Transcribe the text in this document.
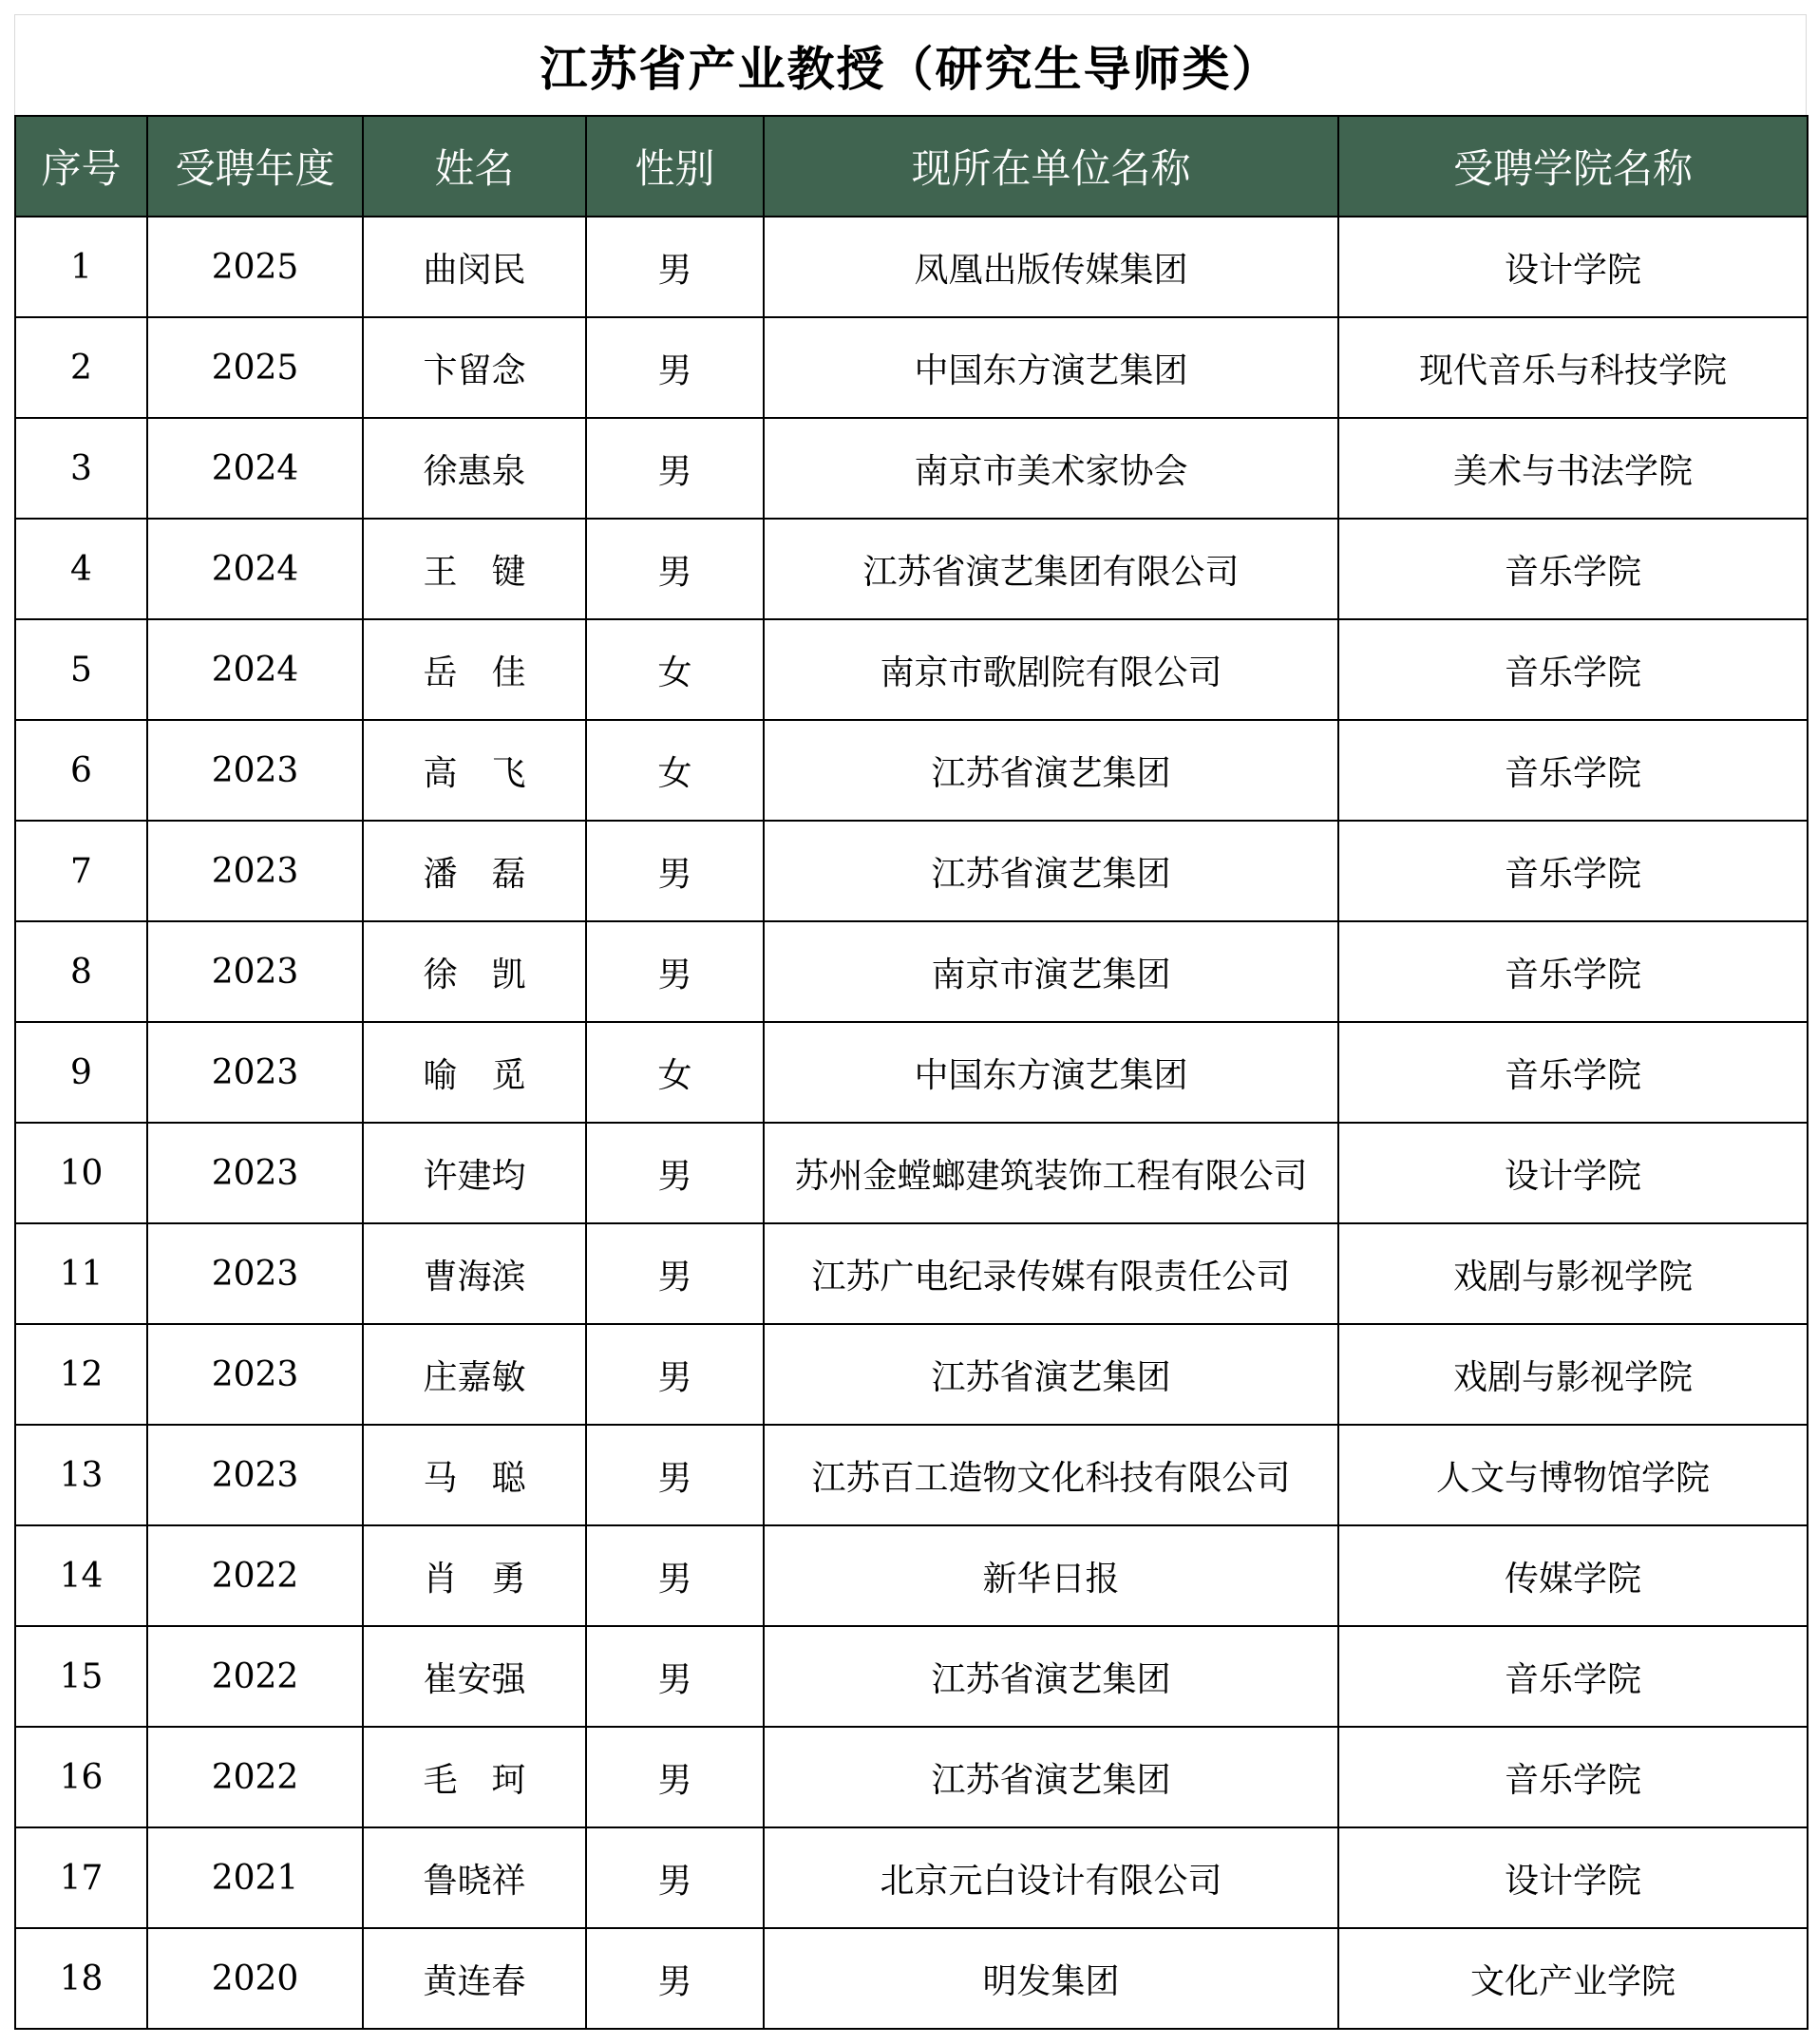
江苏省产业教授（研究生导师类）
序号	受聘年度	姓名	性别	现所在单位名称	受聘学院名称
1	2025	曲闵民	男	凤凰出版传媒集团	设计学院
2	2025	卞留念	男	中国东方演艺集团	现代音乐与科技学院
3	2024	徐惠泉	男	南京市美术家协会	美术与书法学院
4	2024	王　键	男	江苏省演艺集团有限公司	音乐学院
5	2024	岳　佳	女	南京市歌剧院有限公司	音乐学院
6	2023	高　飞	女	江苏省演艺集团	音乐学院
7	2023	潘　磊	男	江苏省演艺集团	音乐学院
8	2023	徐　凯	男	南京市演艺集团	音乐学院
9	2023	喻　觅	女	中国东方演艺集团	音乐学院
10	2023	许建均	男	苏州金螳螂建筑装饰工程有限公司	设计学院
11	2023	曹海滨	男	江苏广电纪录传媒有限责任公司	戏剧与影视学院
12	2023	庄嘉敏	男	江苏省演艺集团	戏剧与影视学院
13	2023	马　聪	男	江苏百工造物文化科技有限公司	人文与博物馆学院
14	2022	肖　勇	男	新华日报	传媒学院
15	2022	崔安强	男	江苏省演艺集团	音乐学院
16	2022	毛　珂	男	江苏省演艺集团	音乐学院
17	2021	鲁晓祥	男	北京元白设计有限公司	设计学院
18	2020	黄连春	男	明发集团	文化产业学院
